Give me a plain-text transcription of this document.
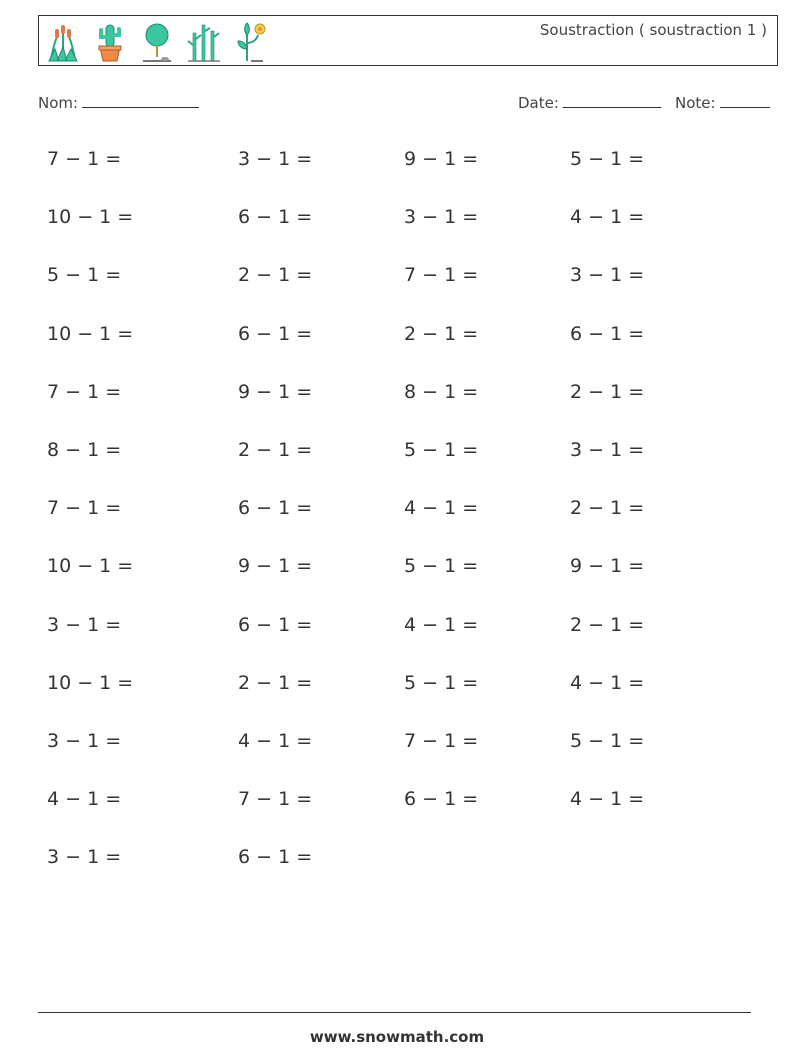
Soustraction ( soustraction 1 )
Nom:	Date:	Note:
7 − 1 =	3 − 1 =	9 − 1 =	5 − 1 =
10 − 1 =	6 − 1 =	3 − 1 =	4 − 1 =
5 − 1 =	2 − 1 =	7 − 1 =	3 − 1 =
10 − 1 =	6 − 1 =	2 − 1 =	6 − 1 =
7 − 1 =	9 − 1 =	8 − 1 =	2 − 1 =
8 − 1 =	2 − 1 =	5 − 1 =	3 − 1 =
7 − 1 =	6 − 1 =	4 − 1 =	2 − 1 =
10 − 1 =	9 − 1 =	5 − 1 =	9 − 1 =
3 − 1 =	6 − 1 =	4 − 1 =	2 − 1 =
10 − 1 =	2 − 1 =	5 − 1 =	4 − 1 =
3 − 1 =	4 − 1 =	7 − 1 =	5 − 1 =
4 − 1 =	7 − 1 =	6 − 1 =	4 − 1 =
3 − 1 =	6 − 1 =
www.snowmath.com
